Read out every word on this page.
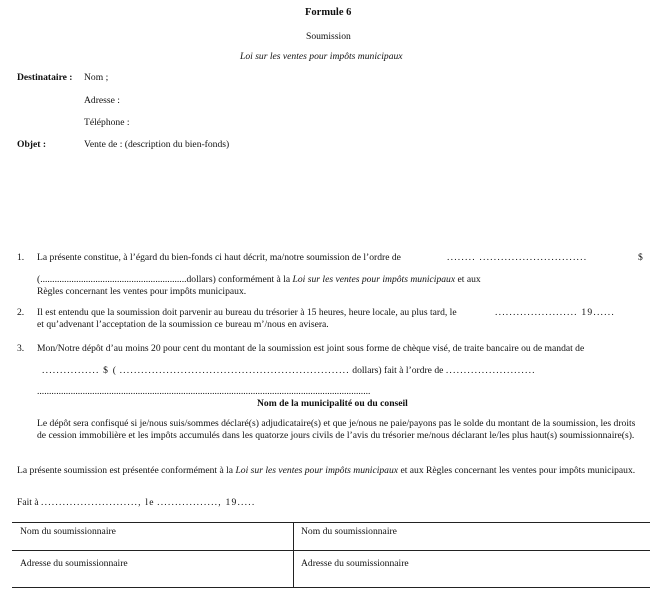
Formule 6
Soumission
Loi sur les ventes pour impôts municipaux
Destinataire : Nom ;
Adresse :
Téléphone :
Objet :	Vente de : (description du bien-fonds)
1. La présente constitue, à l’égard du bien-fonds ci haut décrit, ma/notre soumission de l’ordre de	........ ..............................	$
(.............................................................dollars) conformément à la Loi sur les ventes pour impôts municipaux et aux
Règles concernant les ventes pour impôts municipaux.
2. Il est entendu que la soumission doit parvenir au bureau du trésorier à 15 heures, heure locale, au plus tard, le	....................... 19......
et qu’advenant l’acceptation de la soumission ce bureau m’/nous en avisera.
3. Mon/Notre dépôt d’au moins 20 pour cent du montant de la soumission est joint sous forme de chèque visé, de traite bancaire ou de mandat de
................ $ ( ................................................................ dollars) fait à l’ordre de .........................
...........................................................................................................................................
Nom de la municipalité ou du conseil
Le dépôt sera confisqué si je/nous suis/sommes déclaré(s) adjudicataire(s) et que je/nous ne paie/payons pas le solde du montant de la soumission, les droits de cession immobilière et les impôts accumulés dans les quatorze jours civils de l’avis du trésorier me/nous déclarant le/les plus haut(s) soumissionnaire(s).
La présente soumission est présentée conformément à la Loi sur les ventes pour impôts municipaux et aux Règles concernant les ventes pour impôts municipaux.
Fait à ..........................., le ................., 19.....
Nom du soumissionnaire	Nom du soumissionnaire
Adresse du soumissionnaire	Adresse du soumissionnaire
